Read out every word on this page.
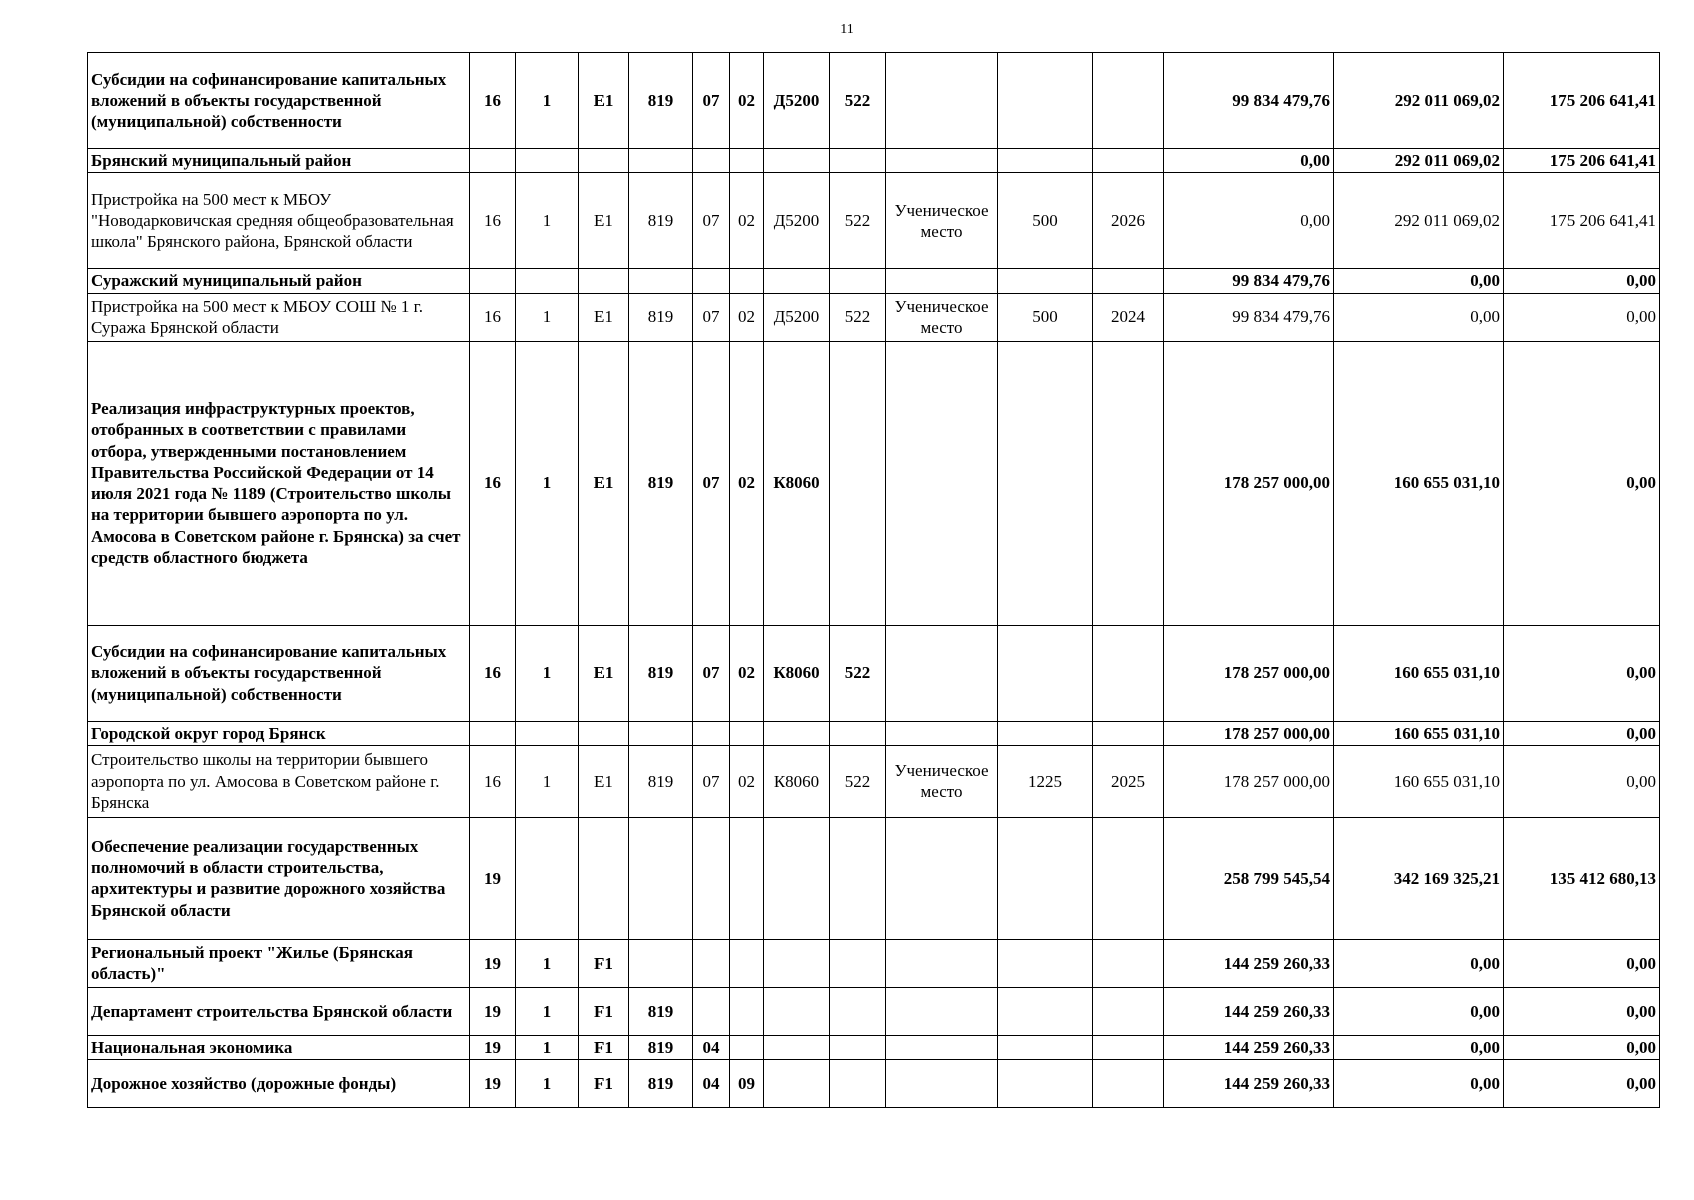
11
Субсидии на софинансирование капитальных вложений в объекты государственной (муниципальной) собственности	16	1	Е1	819	07	02	Д5200	522				99 834 479,76	292 011 069,02	175 206 641,41
Брянский муниципальный район												0,00	292 011 069,02	175 206 641,41
Пристройка на 500 мест к МБОУ "Новодарковичская средняя общеобразовательная школа" Брянского района, Брянской области	16	1	Е1	819	07	02	Д5200	522	Ученическое место	500	2026	0,00	292 011 069,02	175 206 641,41
Суражский муниципальный район												99 834 479,76	0,00	0,00
Пристройка на 500 мест к МБОУ СОШ № 1 г. Суража Брянской области	16	1	Е1	819	07	02	Д5200	522	Ученическое место	500	2024	99 834 479,76	0,00	0,00
Реализация инфраструктурных проектов, отобранных в соответствии с правилами отбора, утвержденными постановлением Правительства Российской Федерации от 14 июля 2021 года № 1189 (Строительство школы на территории бывшего аэропорта по ул. Амосова в Советском районе г. Брянска) за счет средств областного бюджета	16	1	Е1	819	07	02	К8060					178 257 000,00	160 655 031,10	0,00
Субсидии на софинансирование капитальных вложений в объекты государственной (муниципальной) собственности	16	1	Е1	819	07	02	К8060	522				178 257 000,00	160 655 031,10	0,00
Городской округ город Брянск												178 257 000,00	160 655 031,10	0,00
Строительство школы на территории бывшего аэропорта по ул. Амосова в Советском районе г. Брянска	16	1	Е1	819	07	02	К8060	522	Ученическое место	1225	2025	178 257 000,00	160 655 031,10	0,00
Обеспечение реализации государственных полномочий в области строительства, архитектуры и развитие дорожного хозяйства Брянской области	19											258 799 545,54	342 169 325,21	135 412 680,13
Региональный проект "Жилье (Брянская область)"	19	1	F1									144 259 260,33	0,00	0,00
Департамент строительства Брянской области	19	1	F1	819								144 259 260,33	0,00	0,00
Национальная экономика	19	1	F1	819	04							144 259 260,33	0,00	0,00
Дорожное хозяйство (дорожные фонды)	19	1	F1	819	04	09						144 259 260,33	0,00	0,00
